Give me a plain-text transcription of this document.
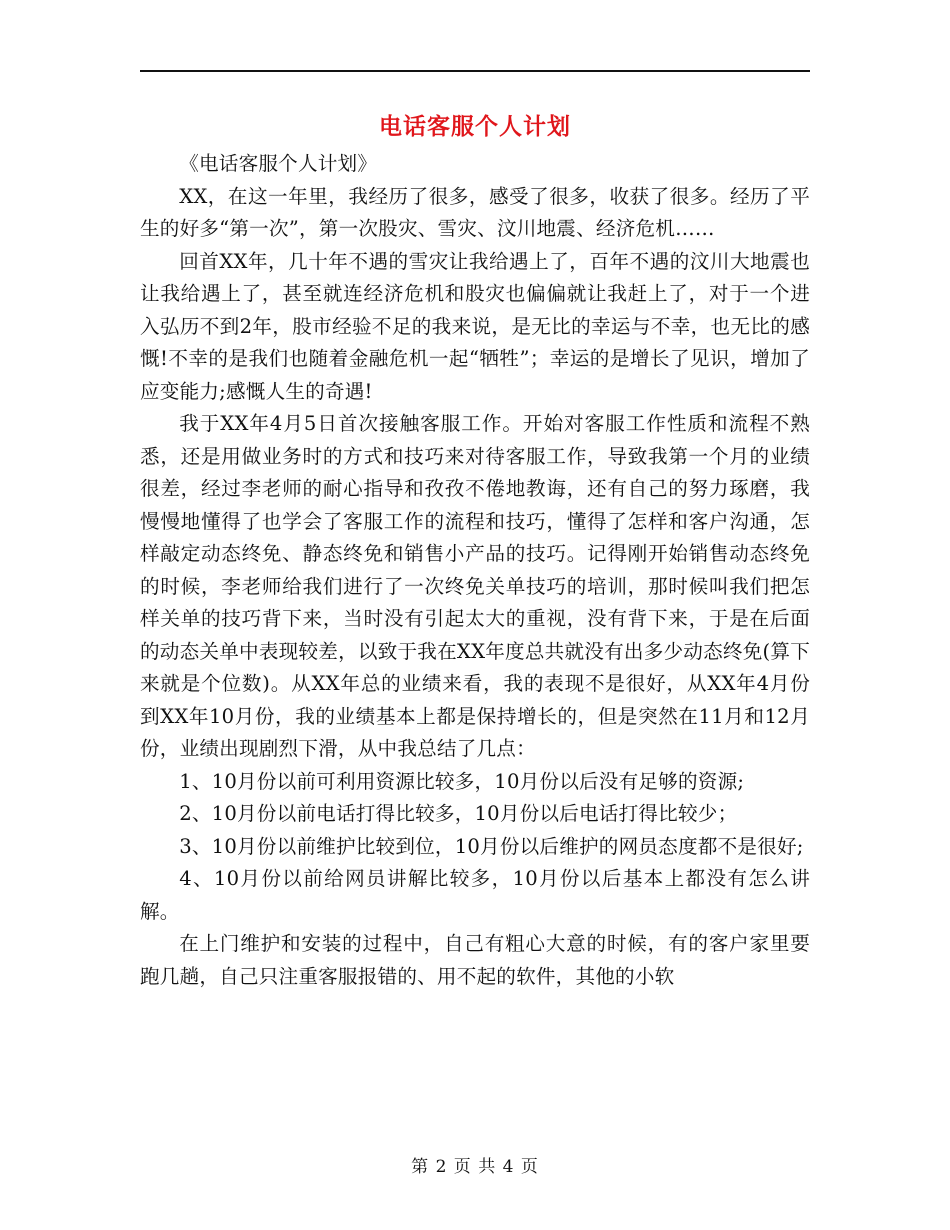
电话客服个人计划

《电话客服个人计划》

XX，在这一年里，我经历了很多，感受了很多，收获了很多。经历了平生的好多“第一次”，第一次股灾、雪灾、汶川地震、经济危机……

回首XX年，几十年不遇的雪灾让我给遇上了，百年不遇的汶川大地震也让我给遇上了，甚至就连经济危机和股灾也偏偏就让我赶上了，对于一个进入弘历不到2年，股市经验不足的我来说，是无比的幸运与不幸，也无比的感慨!不幸的是我们也随着金融危机一起“牺牲”；幸运的是增长了见识，增加了应变能力;感慨人生的奇遇!

我于XX年4月5日首次接触客服工作。开始对客服工作性质和流程不熟悉，还是用做业务时的方式和技巧来对待客服工作，导致我第一个月的业绩很差，经过李老师的耐心指导和孜孜不倦地教诲，还有自己的努力琢磨，我慢慢地懂得了也学会了客服工作的流程和技巧，懂得了怎样和客户沟通，怎样敲定动态终免、静态终免和销售小产品的技巧。记得刚开始销售动态终免的时候，李老师给我们进行了一次终免关单技巧的培训，那时候叫我们把怎样关单的技巧背下来，当时没有引起太大的重视，没有背下来，于是在后面的动态关单中表现较差，以致于我在XX年度总共就没有出多少动态终免(算下来就是个位数)。从XX年总的业绩来看，我的表现不是很好，从XX年4月份到XX年10月份，我的业绩基本上都是保持增长的，但是突然在11月和12月份，业绩出现剧烈下滑，从中我总结了几点：

1、10月份以前可利用资源比较多，10月份以后没有足够的资源;

2、10月份以前电话打得比较多，10月份以后电话打得比较少；

3、10月份以前维护比较到位，10月份以后维护的网员态度都不是很好;

4、10月份以前给网员讲解比较多，10月份以后基本上都没有怎么讲解。

在上门维护和安装的过程中，自己有粗心大意的时候，有的客户家里要跑几趟，自己只注重客服报错的、用不起的软件，其他的小软

第 2 页 共 4 页
